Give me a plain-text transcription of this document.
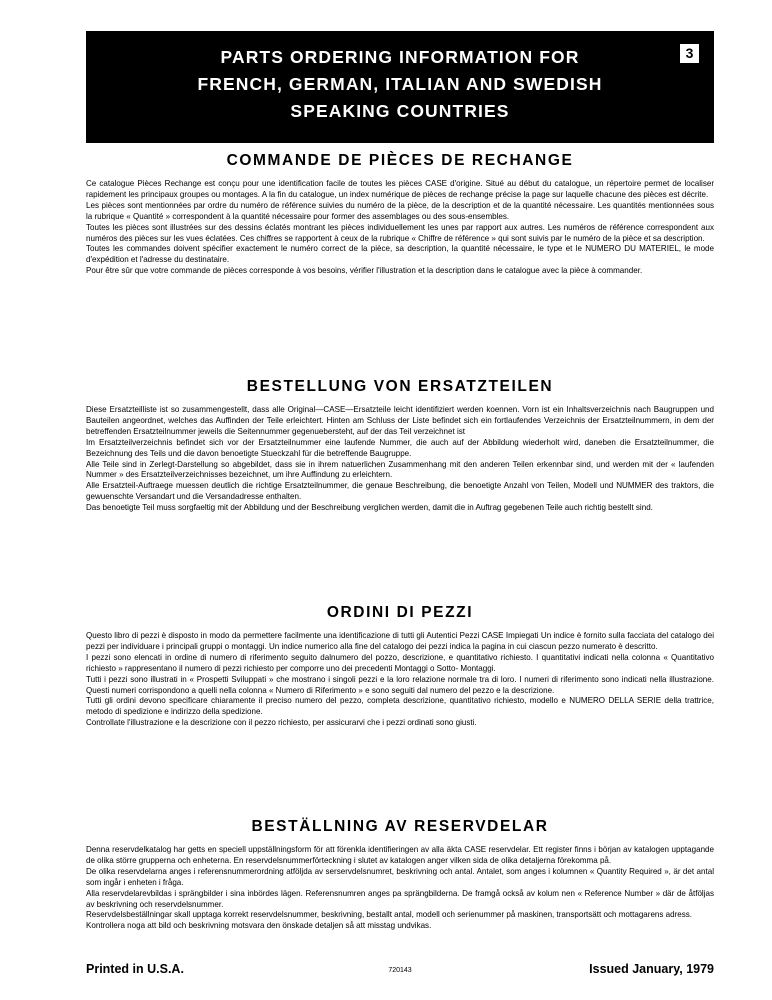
PARTS ORDERING INFORMATION FOR
FRENCH, GERMAN, ITALIAN AND SWEDISH
SPEAKING COUNTRIES
3
COMMANDE DE PIÈCES DE RECHANGE

Ce catalogue Pièces Rechange est conçu pour une identification facile de toutes les pièces CASE d'origine. Situé au début du catalogue, un répertoire permet de localiser rapidement les principaux groupes ou montages. A la fin du catalogue, un index numérique de pièces de rechange précise la page sur laquelle chacune des pièces est décrite.

Les pièces sont mentionnées par ordre du numéro de référence suivies du numéro de la pièce, de la description et de la quantité nécessaire. Les quantités mentionnées sous la rubrique « Quantité » correspondent à la quantité nécessaire pour former des assemblages ou des sous-ensembles.

Toutes les pièces sont illustrées sur des dessins éclatés montrant les pièces individuellement les unes par rapport aux autres. Les numéros de référence correspondent aux numéros des pièces sur les vues éclatées. Ces chiffres se rapportent à ceux de la rubrique « Chiffre de référence » qui sont suivis par le numéro de la pièce et sa description.

Toutes les commandes doivent spécifier exactement le numéro correct de la pièce, sa description, la quantité nécessaire, le type et le NUMERO DU MATERIEL, le mode d'expédition et l'adresse du destinataire.

Pour être sûr que votre commande de pièces corresponde à vos besoins, vérifier l'illustration et la description dans le catalogue avec la pièce à commander.

BESTELLUNG VON ERSATZTEILEN

Diese Ersatzteilliste ist so zusammengestellt, dass alle Original—CASE—Ersatzteile leicht identifiziert werden koennen. Vorn ist ein Inhaltsverzeichnis nach Baugruppen und Bauteilen angeordnet, welches das Auffinden der Teile erleichtert. Hinten am Schluss der Liste befindet sich ein fortlaufendes Verzeichnis der Ersatzteilnummern, in dem der betreffenden Ersatzteilnummer jeweils die Seitennummer gegenuebersteht, auf der das Teil verzeichnet ist

Im Ersatzteilverzeichnis befindet sich vor der Ersatzteilnummer eine laufende Nummer, die auch auf der Abbildung wiederholt wird, daneben die Ersatzteilnummer, die Bezeichnung des Teils und die davon benoetigte Stueckzahl für die betreffende Baugruppe.

Alle Teile sind in Zerlegt-Darstellung so abgebildet, dass sie in ihrem natuerlichen Zusammenhang mit den anderen Teilen erkennbar sind, und werden mit der « laufenden Nummer » des Ersatzteilverzeichnisses bezeichnet, um ihre Auffindung zu erleichtern.

Alle Ersatzteil-Auftraege muessen deutlich die richtige Ersatzteilnummer, die genaue Beschreibung, die benoetigte Anzahl von Teilen, Modell und NUMMER des traktors, die gewuenschte Versandart und die Versandadresse enthalten.

Das benoetigte Teil muss sorgfaeltig mit der Abbildung und der Beschreibung verglichen werden, damit die in Auftrag gegebenen Teile auch richtig bestellt sind.

ORDINI DI PEZZI

Questo libro di pezzi è disposto in modo da permettere facilmente una identificazione di tutti gli Autentici Pezzi CASE Impiegati Un indice è fornito sulla facciata del catalogo dei pezzi per individuare i principali gruppi o montaggi. Un indice numerico alla fine del catalogo dei pezzi indica la pagina in cui ciascun pezzo numerato è descritto.

I pezzi sono elencati in ordine di numero di riferimento seguito dalnumero del pozzo, descrizione, e quantitativo richiesto. I quantitativi indicati nella colonna « Quantitativo richiesto » rappresentano il numero di pezzi richiesto per comporre uno dei precedenti Montaggi o Sotto- Montaggi.

Tutti i pezzi sono illustrati in « Prospetti Sviluppati » che mostrano i singoli pezzi e la loro relazione normale tra di loro. I numeri di riferimento sono indicati nella illustrazione. Questi numeri corrispondono a quelli nella colonna « Numero di Riferimento » e sono seguiti dal numero del pezzo e la descrizione.

Tutti gli ordini devono specificare chiaramente il preciso numero del pezzo, completa descrizione, quantitativo richiesto, modello e NUMERO DELLA SERIE della trattrice, metodo di spedizione e indirizzo della spedizione.

Controllate l'illustrazione e la descrizione con il pezzo richiesto, per assicurarvi che i pezzi ordinati sono giusti.

BESTÄLLNING AV RESERVDELAR

Denna reservdelkatalog har getts en speciell uppställningsform för att förenkla identifieringen av alla äkta CASE reservdelar. Ett register finns i början av katalogen upptagande de olika större grupperna och enheterna. En reservdelsnummerförteckning i slutet av katalogen anger vilken sida de olika detaljerna förekomma på.

De olika reservdelarna anges i referensnummerordning atföljda av serservdelsnumret, beskrivning och antal. Antalet, som anges i kolumnen « Quantity Required », är det antal som ingår i enheten i fråga.

Alla reservdelarevbildas i sprängbilder i sina inbördes lägen. Referensnumren anges pa sprängbilderna. De framgå också av kolum nen « Reference Number » där de åtföljas av beskrivning och reservdelsnummer.

Reservdelsbeställningar skall upptaga korrekt reservdelsnummer, beskrivning, bestallt antal, modell och serienummer på maskinen, transportsätt och mottagarens adress.

Kontrollera noga att bild och beskrivning motsvara den önskade detaljen så att misstag undvikas.

Printed in U.S.A.	720143	Issued January, 1979
